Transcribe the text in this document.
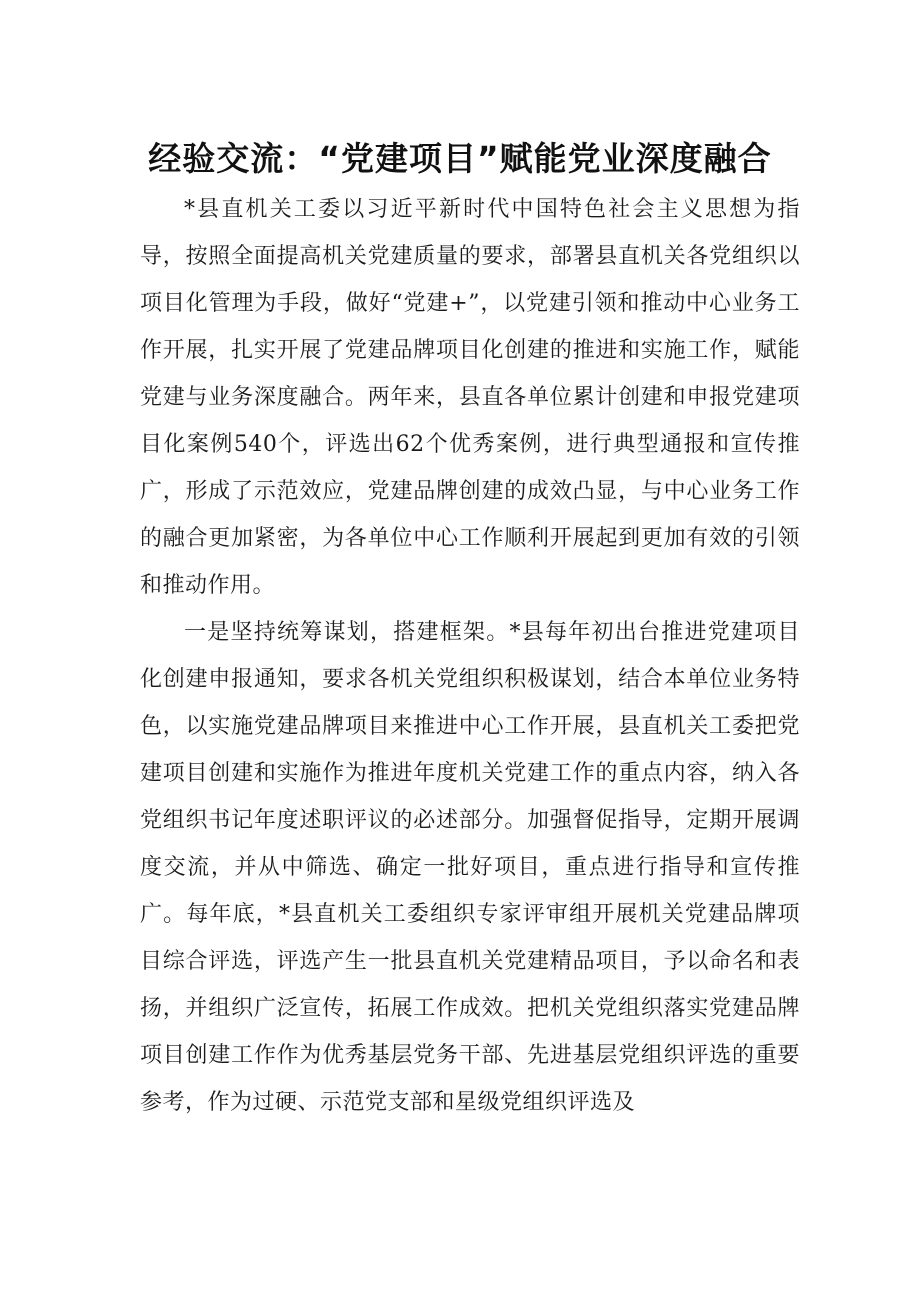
经验交流：“党建项目”赋能党业深度融合

*县直机关工委以习近平新时代中国特色社会主义思想为指导，按照全面提高机关党建质量的要求，部署县直机关各党组织以项目化管理为手段，做好“党建+”，以党建引领和推动中心业务工作开展，扎实开展了党建品牌项目化创建的推进和实施工作，赋能党建与业务深度融合。两年来，县直各单位累计创建和申报党建项目化案例540个，评选出62个优秀案例，进行典型通报和宣传推广，形成了示范效应，党建品牌创建的成效凸显，与中心业务工作的融合更加紧密，为各单位中心工作顺利开展起到更加有效的引领和推动作用。

一是坚持统筹谋划，搭建框架。*县每年初出台推进党建项目化创建申报通知，要求各机关党组织积极谋划，结合本单位业务特色，以实施党建品牌项目来推进中心工作开展，县直机关工委把党建项目创建和实施作为推进年度机关党建工作的重点内容，纳入各党组织书记年度述职评议的必述部分。加强督促指导，定期开展调度交流，并从中筛选、确定一批好项目，重点进行指导和宣传推广。每年底，*县直机关工委组织专家评审组开展机关党建品牌项目综合评选，评选产生一批县直机关党建精品项目，予以命名和表扬，并组织广泛宣传，拓展工作成效。把机关党组织落实党建品牌项目创建工作作为优秀基层党务干部、先进基层党组织评选的重要参考，作为过硬、示范党支部和星级党组织评选及
